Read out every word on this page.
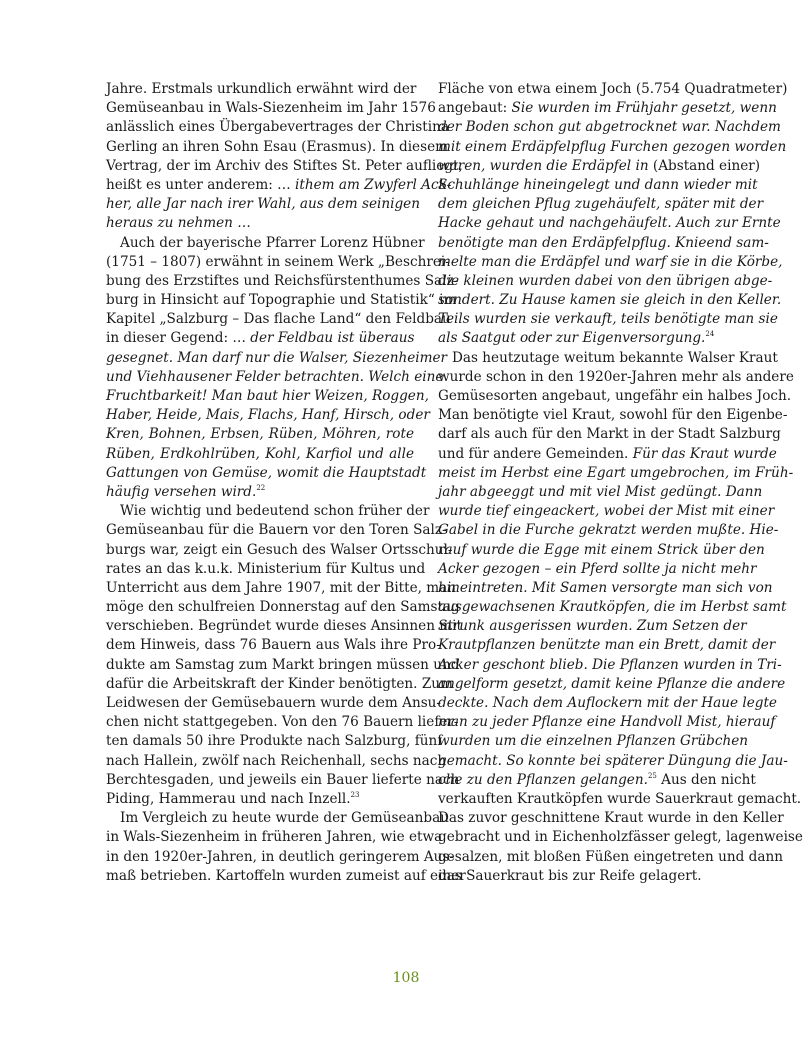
Jahre. Erstmals urkundlich erwähnt wird der
Gemüseanbau in Wals-Siezenheim im Jahr 1576
anlässlich eines Übergabevertrages der Christina
Gerling an ihren Sohn Esau (Erasmus). In diesem
Vertrag, der im Archiv des Stiftes St. Peter aufliegt,
heißt es unter anderem: … ithem am Zwyferl Ack-
her, alle Jar nach irer Wahl, aus dem seinigen
heraus zu nehmen …
Auch der bayerische Pfarrer Lorenz Hübner
(1751 – 1807) erwähnt in seinem Werk „Beschrei-
bung des Erzstiftes und Reichsfürstenthumes Salz-
burg in Hinsicht auf Topographie und Statistik“ im
Kapitel „Salzburg – Das flache Land“ den Feldbau
in dieser Gegend: … der Feldbau ist überaus
gesegnet. Man darf nur die Walser, Siezenheimer
und Viehhausener Felder betrachten. Welch eine
Fruchtbarkeit! Man baut hier Weizen, Roggen,
Haber, Heide, Mais, Flachs, Hanf, Hirsch, oder
Kren, Bohnen, Erbsen, Rüben, Möhren, rote
Rüben, Erdkohlrüben, Kohl, Karfiol und alle
Gattungen von Gemüse, womit die Hauptstadt
häufig versehen wird.$^{22}$
Wie wichtig und bedeutend schon früher der
Gemüseanbau für die Bauern vor den Toren Salz-
burgs war, zeigt ein Gesuch des Walser Ortsschul-
rates an das k.u.k. Ministerium für Kultus und
Unterricht aus dem Jahre 1907, mit der Bitte, man
möge den schulfreien Donnerstag auf den Samstag
verschieben. Begründet wurde dieses Ansinnen mit
dem Hinweis, dass 76 Bauern aus Wals ihre Pro-
dukte am Samstag zum Markt bringen müssen und
dafür die Arbeitskraft der Kinder benötigten. Zum
Leidwesen der Gemüsebauern wurde dem Ansu-
chen nicht stattgegeben. Von den 76 Bauern liefer-
ten damals 50 ihre Produkte nach Salzburg, fünf
nach Hallein, zwölf nach Reichenhall, sechs nach
Berchtesgaden, und jeweils ein Bauer lieferte nach
Piding, Hammerau und nach Inzell.$^{23}$
Im Vergleich zu heute wurde der Gemüseanbau
in Wals-Siezenheim in früheren Jahren, wie etwa
in den 1920er-Jahren, in deutlich geringerem Aus-
maß betrieben. Kartoffeln wurden zumeist auf einer
Fläche von etwa einem Joch (5.754 Quadratmeter)
angebaut: Sie wurden im Frühjahr gesetzt, wenn
der Boden schon gut abgetrocknet war. Nachdem
mit einem Erdäpfelpflug Furchen gezogen worden
waren, wurden die Erdäpfel in (Abstand einer)
Schuhlänge hineingelegt und dann wieder mit
dem gleichen Pflug zugehäufelt, später mit der
Hacke gehaut und nachgehäufelt. Auch zur Ernte
benötigte man den Erdäpfelpflug. Knieend sam-
melte man die Erdäpfel und warf sie in die Körbe,
die kleinen wurden dabei von den übrigen abge-
sondert. Zu Hause kamen sie gleich in den Keller.
Teils wurden sie verkauft, teils benötigte man sie
als Saatgut oder zur Eigenversorgung.$^{24}$
Das heutzutage weitum bekannte Walser Kraut
wurde schon in den 1920er-Jahren mehr als andere
Gemüsesorten angebaut, ungefähr ein halbes Joch.
Man benötigte viel Kraut, sowohl für den Eigenbe-
darf als auch für den Markt in der Stadt Salzburg
und für andere Gemeinden. Für das Kraut wurde
meist im Herbst eine Egart umgebrochen, im Früh-
jahr abgeeggt und mit viel Mist gedüngt. Dann
wurde tief eingeackert, wobei der Mist mit einer
Gabel in die Furche gekratzt werden mußte. Hie-
rauf wurde die Egge mit einem Strick über den
Acker gezogen – ein Pferd sollte ja nicht mehr
hineintreten. Mit Samen versorgte man sich von
ausgewachsenen Krautköpfen, die im Herbst samt
Strunk ausgerissen wurden. Zum Setzen der
Krautpflanzen benützte man ein Brett, damit der
Acker geschont blieb. Die Pflanzen wurden in Tri-
angelform gesetzt, damit keine Pflanze die andere
deckte. Nach dem Auflockern mit der Haue legte
man zu jeder Pflanze eine Handvoll Mist, hierauf
wurden um die einzelnen Pflanzen Grübchen
gemacht. So konnte bei späterer Düngung die Jau-
che zu den Pflanzen gelangen.$^{25}$ Aus den nicht
verkauften Krautköpfen wurde Sauerkraut gemacht.
Das zuvor geschnittene Kraut wurde in den Keller
gebracht und in Eichenholzfässer gelegt, lagenweise
gesalzen, mit bloßen Füßen eingetreten und dann
das Sauerkraut bis zur Reife gelagert.
108
